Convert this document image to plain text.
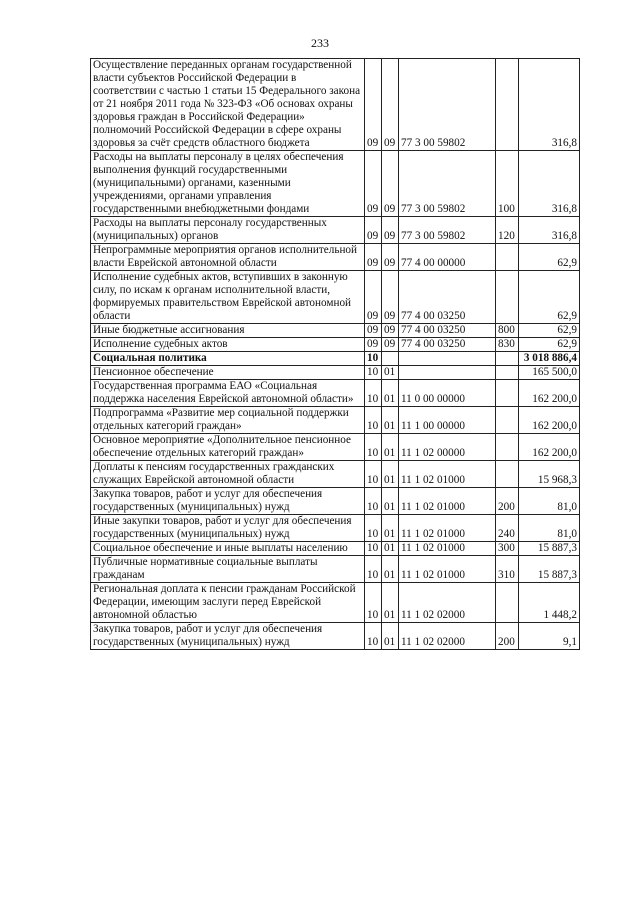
233
Осуществление переданных органам государственной власти субъектов Российской Федерации в соответствии с частью 1 статьи 15 Федерального закона от 21 ноября 2011 года № 323-ФЗ «Об основах охраны здоровья граждан в Российской Федерации» полномочий Российской Федерации в сфере охраны здоровья за счёт средств областного бюджета	09	09	77 3 00 59802		316,8
Расходы на выплаты персоналу в целях обеспечения выполнения функций государственными (муниципальными) органами, казенными учреждениями, органами управления государственными внебюджетными фондами	09	09	77 3 00 59802	100	316,8
Расходы на выплаты персоналу государственных (муниципальных) органов	09	09	77 3 00 59802	120	316,8
Непрограммные мероприятия органов исполнительной власти Еврейской автономной области	09	09	77 4 00 00000		62,9
Исполнение судебных актов, вступивших в законную силу, по искам к органам исполнительной власти, формируемых правительством Еврейской автономной области	09	09	77 4 00 03250		62,9
Иные бюджетные ассигнования	09	09	77 4 00 03250	800	62,9
Исполнение судебных актов	09	09	77 4 00 03250	830	62,9
Социальная политика	10				3 018 886,4
Пенсионное обеспечение	10	01			165 500,0
Государственная программа ЕАО «Социальная поддержка населения Еврейской автономной области»	10	01	11 0 00 00000		162 200,0
Подпрограмма «Развитие мер социальной поддержки отдельных категорий граждан»	10	01	11 1 00 00000		162 200,0
Основное мероприятие «Дополнительное пенсионное обеспечение отдельных категорий граждан»	10	01	11 1 02 00000		162 200,0
Доплаты к пенсиям государственных гражданских служащих Еврейской автономной области	10	01	11 1 02 01000		15 968,3
Закупка товаров, работ и услуг для обеспечения государственных (муниципальных) нужд	10	01	11 1 02 01000	200	81,0
Иные закупки товаров, работ и услуг для обеспечения государственных (муниципальных) нужд	10	01	11 1 02 01000	240	81,0
Социальное обеспечение и иные выплаты населению	10	01	11 1 02 01000	300	15 887,3
Публичные нормативные социальные выплаты гражданам	10	01	11 1 02 01000	310	15 887,3
Региональная доплата к пенсии гражданам Российской Федерации, имеющим заслуги перед Еврейской автономной областью	10	01	11 1 02 02000		1 448,2
Закупка товаров, работ и услуг для обеспечения государственных (муниципальных) нужд	10	01	11 1 02 02000	200	9,1
